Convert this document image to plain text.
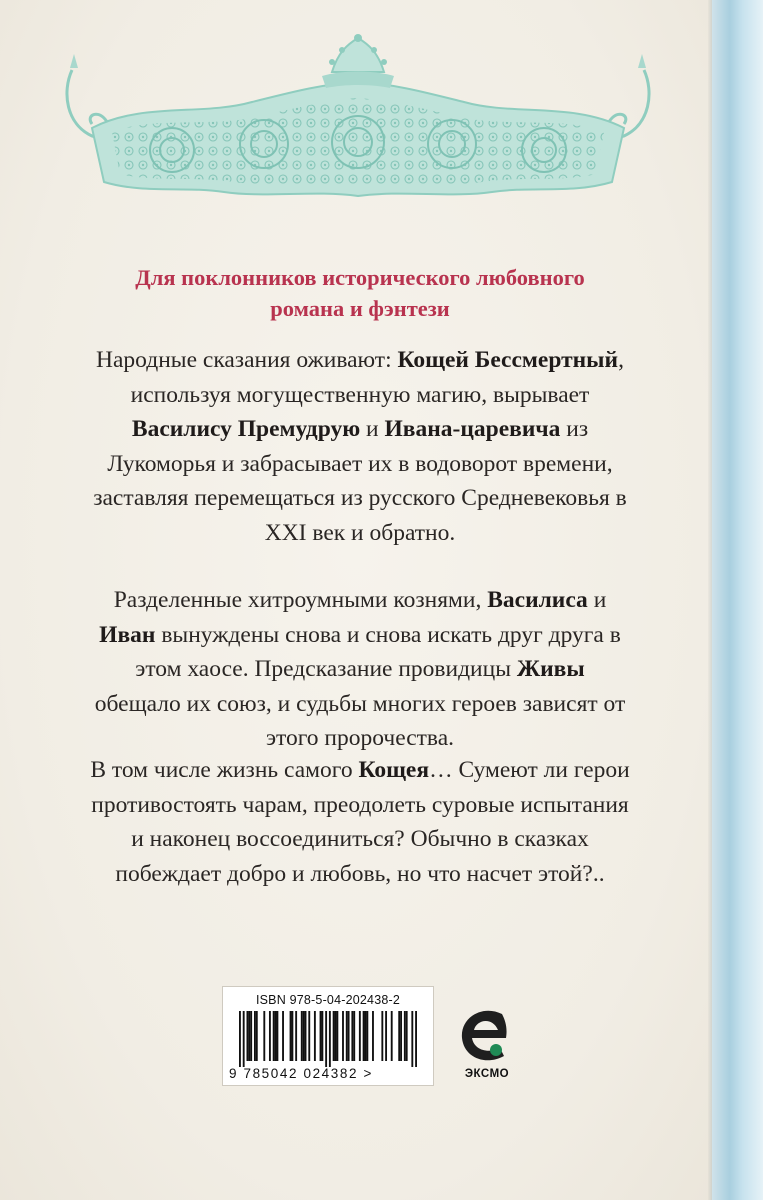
Для поклонников исторического любовного
романа и фэнтези
Народные сказания оживают: Кощей Бессмертный, используя могущественную магию, вырывает Василису Премудрую и Ивана-царевича из Лукоморья и забрасывает их в водоворот времени, заставляя перемещаться из русского Средневековья в XXI век и обратно.
Разделенные хитроумными кознями, Василиса и Иван вынуждены снова и снова искать друг друга в этом хаосе. Предсказание провидицы Живы обещало их союз, и судьбы многих героев зависят от этого пророчества.
В том числе жизнь самого Кощея… Сумеют ли герои противостоять чарам, преодолеть суровые испытания и наконец воссоединиться? Обычно в сказках побеждает добро и любовь, но что насчет этой?..
ISBN 978-5-04-202438-2
9 785042 024382 >	ЭКСМО
